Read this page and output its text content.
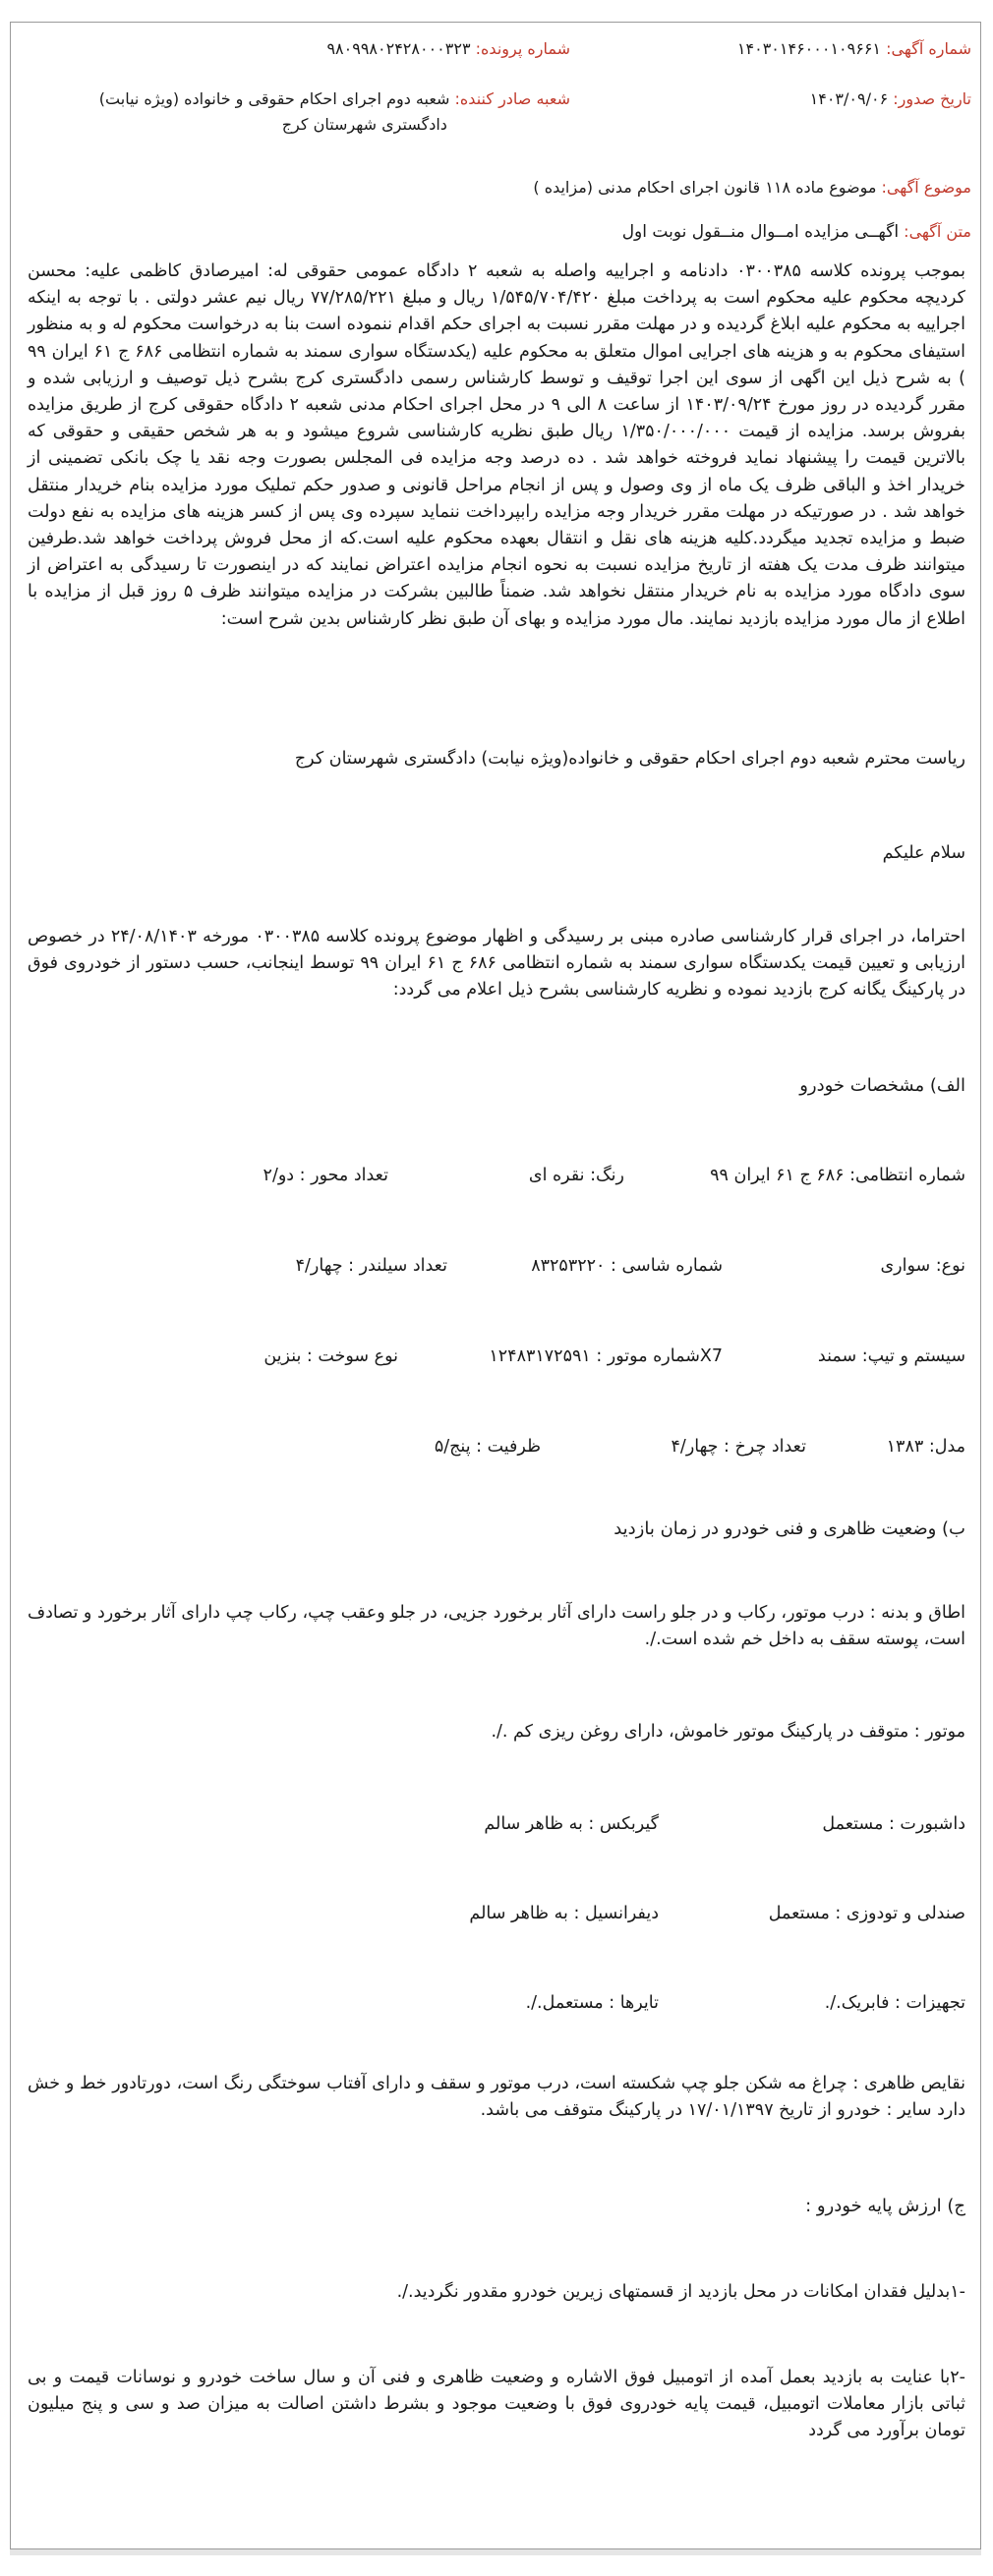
شماره آگهی: ۱۴۰۳۰۱۴۶۰۰۰۱۰۹۶۶۱
شماره پرونده: ۹۸۰۹۹۸۰۲۴۲۸۰۰۰۳۲۳
تاریخ صدور: ۱۴۰۳/۰۹/۰۶
شعبه صادر کننده: شعبه دوم اجرای احکام حقوقی و خانواده (ویژه نیابت)
دادگستری شهرستان کرج
موضوع آگهی: موضوع ماده ۱۱۸ قانون اجرای احکام مدنی (مزایده )
متن آگهی: اگهــی مزایده امــوال منــقول نوبت اول
بموجب پرونده کلاسه ۰۳۰۰۳۸۵ دادنامه و اجراییه واصله به شعبه ۲ دادگاه عمومی حقوقی له: امیرصادق کاظمی علیه: محسن کردیچه محکوم علیه محکوم است به پرداخت مبلغ ۱/۵۴۵/۷۰۴/۴۲۰ ریال و مبلغ ۷۷/۲۸۵/۲۲۱ ریال نیم عشر دولتی . با توجه به اینکه اجراییه به محکوم علیه ابلاغ گردیده و در مهلت مقرر نسبت به اجرای حکم اقدام ننموده است بنا به درخواست محکوم له و به منظور استیفای محکوم به و هزینه های اجرایی اموال متعلق به محکوم علیه (یکدستگاه سواری سمند به شماره انتظامی ۶۸۶ ج ۶۱ ایران ۹۹ ) به شرح ذیل این اگهی از سوی این اجرا توقیف و توسط کارشناس رسمی دادگستری کرج بشرح ذیل توصیف و ارزیابی شده و مقرر گردیده در روز مورخ ۱۴۰۳/۰۹/۲۴ از ساعت ۸ الی ۹ در محل اجرای احکام مدنی شعبه ۲ دادگاه حقوقی کرج از طریق مزایده بفروش برسد. مزایده از قیمت ۱/۳۵۰/۰۰۰/۰۰۰ ریال طبق نظریه کارشناسی شروع میشود و به هر شخص حقیقی و حقوقی که بالاترین قیمت را پیشنهاد نماید فروخته خواهد شد . ده درصد وجه مزایده فی المجلس بصورت وجه نقد یا چک بانکی تضمینی از خریدار اخذ و الباقی ظرف یک ماه از وی وصول و پس از انجام مراحل قانونی و صدور حکم تملیک مورد مزایده بنام خریدار منتقل خواهد شد . در صورتیکه در مهلت مقرر خریدار وجه مزایده رابپرداخت ننماید سپرده وی پس از کسر هزینه های مزایده به نفع دولت ضبط و مزایده تجدید میگردد.کلیه هزینه های نقل و انتقال بعهده محکوم علیه است.که از محل فروش پرداخت خواهد شد.طرفین میتوانند ظرف مدت یک هفته از تاریخ مزایده نسبت به نحوه انجام مزایده اعتراض نمایند که در اینصورت تا رسیدگی به اعتراض از سوی دادگاه مورد مزایده به نام خریدار منتقل نخواهد شد. ضمناً طالبین بشرکت در مزایده میتوانند ظرف ۵ روز قبل از مزایده با اطلاع از مال مورد مزایده بازدید نمایند. مال مورد مزایده و بهای آن طبق نظر کارشناس بدین شرح است:
ریاست محترم شعبه دوم اجرای احکام حقوقی و خانواده(ویژه نیابت) دادگستری شهرستان کرج
سلام علیکم
احتراما، در اجرای قرار کارشناسی صادره مبنی بر رسیدگی و اظهار موضوع پرونده کلاسه ۰۳۰۰۳۸۵ مورخه ۲۴/۰۸/۱۴۰۳ در خصوص ارزیابی و تعیین قیمت یکدستگاه سواری سمند به شماره انتظامی ۶۸۶ ج ۶۱ ایران ۹۹ توسط اینجانب، حسب دستور از خودروی فوق در پارکینگ یگانه کرج بازدید نموده و نظریه کارشناسی بشرح ذیل اعلام می گردد:
الف) مشخصات خودرو
شماره انتظامی: ۶۸۶ ج ۶۱ ایران ۹۹
رنگ: نقره ای
تعداد محور : دو/۲
نوع: سواری
شماره شاسی : ۸۳۲۵۳۲۲۰
تعداد سیلندر : چهار/۴
سیستم و تیپ: سمند
X7شماره موتور : ۱۲۴۸۳۱۷۲۵۹۱
نوع سوخت : بنزین
مدل: ۱۳۸۳
تعداد چرخ : چهار/۴
ظرفیت : پنج/۵
ب) وضعیت ظاهری و فنی خودرو در زمان بازدید
اطاق و بدنه : درب موتور، رکاب و در جلو راست دارای آثار برخورد جزیی، در جلو وعقب چپ، رکاب چپ دارای آثار برخورد و تصادف است، پوسته سقف به داخل خم شده است./.
موتور : متوقف در پارکینگ موتور خاموش، دارای روغن ریزی کم ./.
داشبورت : مستعمل
گیربکس : به ظاهر سالم
صندلی و تودوزی : مستعمل
دیفرانسیل : به ظاهر سالم
تجهیزات : فابریک./.
تایرها : مستعمل./.
نقایص ظاهری : چراغ مه شکن جلو چپ شکسته است، درب موتور و سقف و دارای آفتاب سوختگی رنگ است، دورتادور خط و خش دارد سایر : خودرو از تاریخ ۱۷/۰۱/۱۳۹۷ در پارکینگ متوقف می باشد.
ج) ارزش پایه خودرو :
-۱بدلیل فقدان امکانات در محل بازدید از قسمتهای زیرین خودرو مقدور نگردید./.
-۲با عنایت به بازدید بعمل آمده از اتومبیل فوق الاشاره و وضعیت ظاهری و فنی آن و سال ساخت خودرو و نوسانات قیمت و بی ثباتی بازار معاملات اتومبیل، قیمت پایه خودروی فوق با وضعیت موجود و بشرط داشتن اصالت به میزان صد و سی و پنج میلیون تومان برآورد می گردد
